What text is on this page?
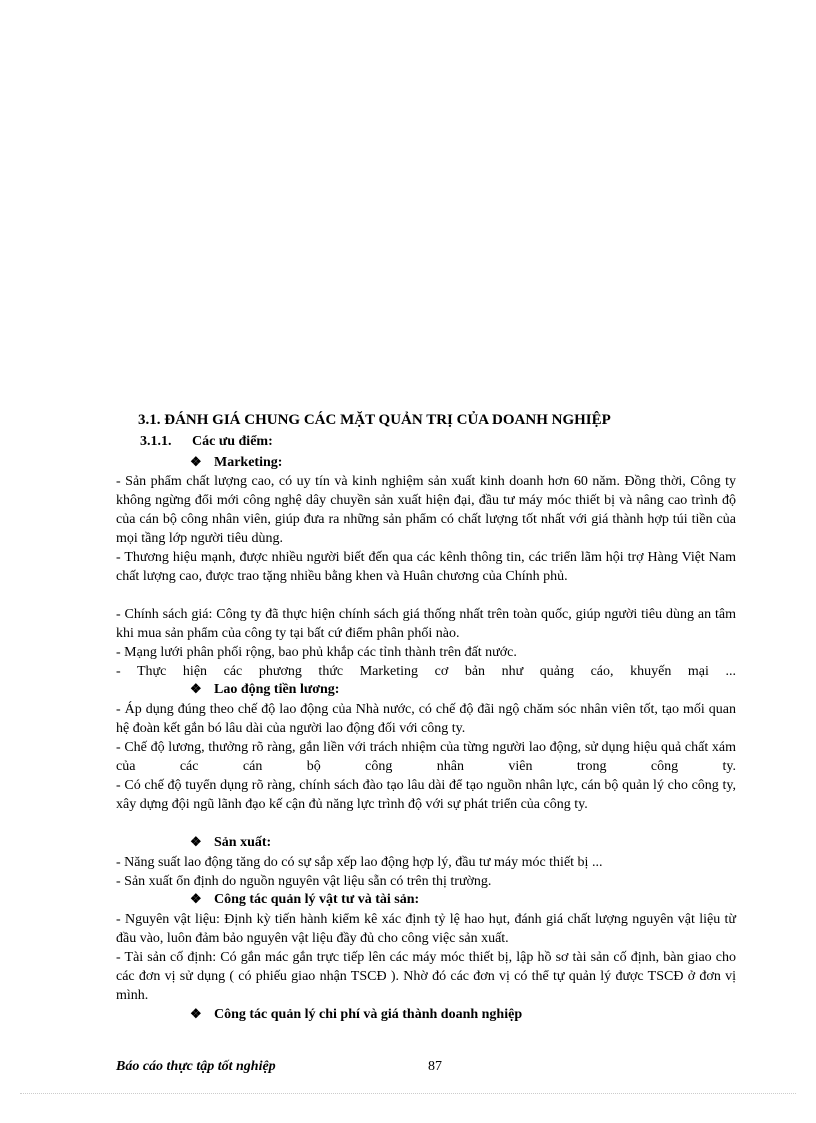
3.1. ĐÁNH GIÁ CHUNG CÁC MẶT QUẢN TRỊ CỦA DOANH NGHIỆP
3.1.1. Các ưu điểm:
❖ Marketing:

- Sản phẩm chất lượng cao, có uy tín và kinh nghiệm sản xuất kinh doanh hơn 60 năm. Đồng thời, Công ty không ngừng đổi mới công nghệ dây chuyền sản xuất hiện đại, đầu tư máy móc thiết bị và nâng cao trình độ của cán bộ công nhân viên, giúp đưa ra những sản phẩm có chất lượng tốt nhất với giá thành hợp túi tiền của mọi tầng lớp người tiêu dùng.

- Thương hiệu mạnh, được nhiều người biết đến qua các kênh thông tin, các triển lãm hội trợ Hàng Việt Nam chất lượng cao, được trao tặng nhiều bằng khen và Huân chương của Chính phủ.

- Chính sách giá: Công ty đã thực hiện chính sách giá thống nhất trên toàn quốc, giúp người tiêu dùng an tâm khi mua sản phẩm của công ty tại bất cứ điểm phân phối nào.

- Mạng lưới phân phối rộng, bao phủ khắp các tỉnh thành trên đất nước.

- Thực hiện các phương thức Marketing cơ bản như quảng cáo, khuyến mại ...

❖ Lao động tiền lương:

- Áp dụng đúng theo chế độ lao động của Nhà nước, có chế độ đãi ngộ chăm sóc nhân viên tốt, tạo mối quan hệ đoàn kết gắn bó lâu dài của người lao động đối với công ty.

- Chế độ lương, thưởng rõ ràng, gắn liền với trách nhiệm của từng người lao động, sử dụng hiệu quả chất xám của các cán bộ công nhân viên trong công ty.

- Có chế độ tuyển dụng rõ ràng, chính sách đào tạo lâu dài để tạo nguồn nhân lực, cán bộ quản lý cho công ty, xây dựng đội ngũ lãnh đạo kế cận đủ năng lực trình độ với sự phát triển của công ty.

❖ Sản xuất:

- Năng suất lao động tăng do có sự sắp xếp lao động hợp lý, đầu tư máy móc thiết bị ...

- Sản xuất ổn định do nguồn nguyên vật liệu sẵn có trên thị trường.

❖ Công tác quản lý vật tư và tài sản:

- Nguyên vật liệu: Định kỳ tiến hành kiểm kê xác định tỷ lệ hao hụt, đánh giá chất lượng nguyên vật liệu từ đầu vào, luôn đảm bảo nguyên vật liệu đầy đủ cho công việc sản xuất.

- Tài sản cố định: Có gắn mác gắn trực tiếp lên các máy móc thiết bị, lập hồ sơ tài sản cố định, bàn giao cho các đơn vị sử dụng ( có phiếu giao nhận TSCĐ ). Nhờ đó các đơn vị có thể tự quản lý được TSCĐ ở đơn vị mình.

❖ Công tác quản lý chi phí và giá thành doanh nghiệp
Báo cáo thực tập tốt nghiệp	87
